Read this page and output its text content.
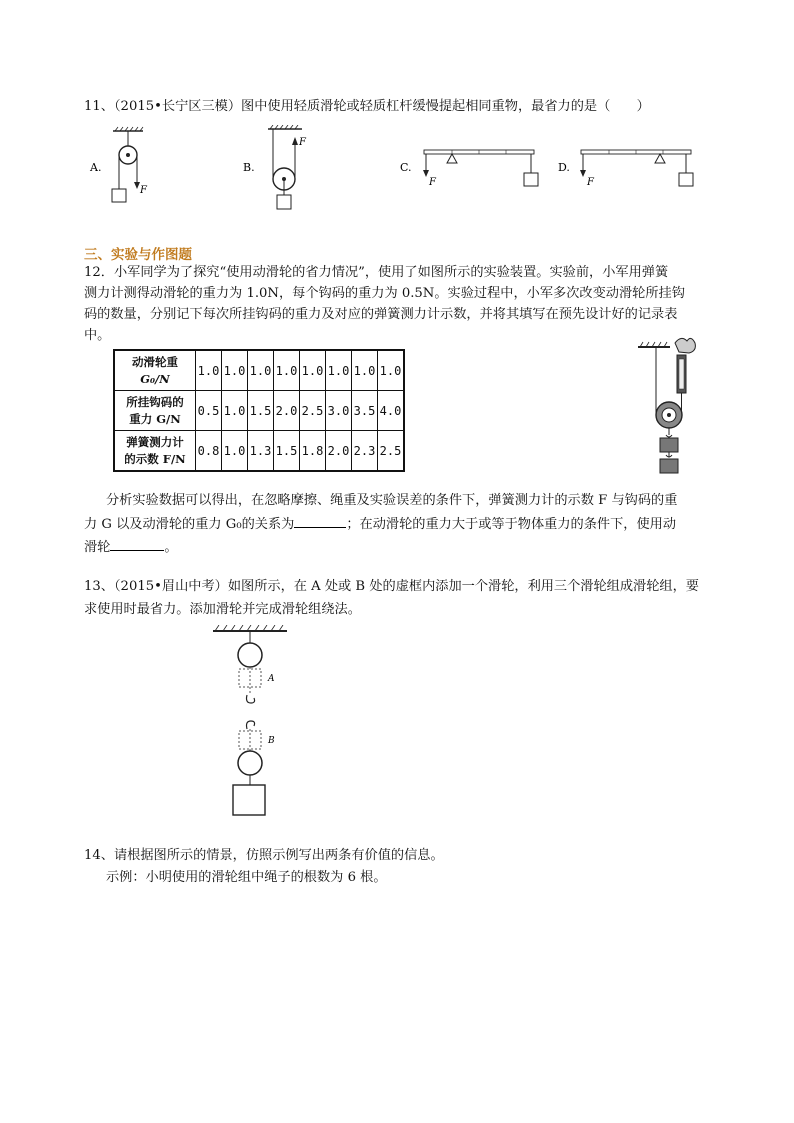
11、（2015•长宁区三模）图中使用轻质滑轮或轻质杠杆缓慢提起相同重物，最省力的是（　　）
A.
F
B.
F
C.
F
D.
F
三、实验与作图题
12．小军同学为了探究“使用动滑轮的省力情况”，使用了如图所示的实验装置。实验前，小军用弹簧
测力计测得动滑轮的重力为 1.0N，每个钩码的重力为 0.5N。实验过程中，小军多次改变动滑轮所挂钩
码的数量，分别记下每次所挂钩码的重力及对应的弹簧测力计示数，并将其填写在预先设计好的记录表
中。
动滑轮重
G₀/N	1.0	1.0	1.0	1.0	1.0	1.0	1.0	1.0
所挂钩码的
重力 G/N	0.5	1.0	1.5	2.0	2.5	3.0	3.5	4.0
弹簧测力计
的示数 F/N	0.8	1.0	1.3	1.5	1.8	2.0	2.3	2.5
分析实验数据可以得出，在忽略摩擦、绳重及实验误差的条件下，弹簧测力计的示数 F 与钩码的重
力 G 以及动滑轮的重力 G₀的关系为	；在动滑轮的重力大于或等于物体重力的条件下，使用动
滑轮	。
13、（2015•眉山中考）如图所示，在 A 处或 B 处的虚框内添加一个滑轮，利用三个滑轮组成滑轮组，要
求使用时最省力。添加滑轮并完成滑轮组绕法。
A
B
14、请根据图所示的情景，仿照示例写出两条有价值的信息。
示例：小明使用的滑轮组中绳子的根数为 6 根。
